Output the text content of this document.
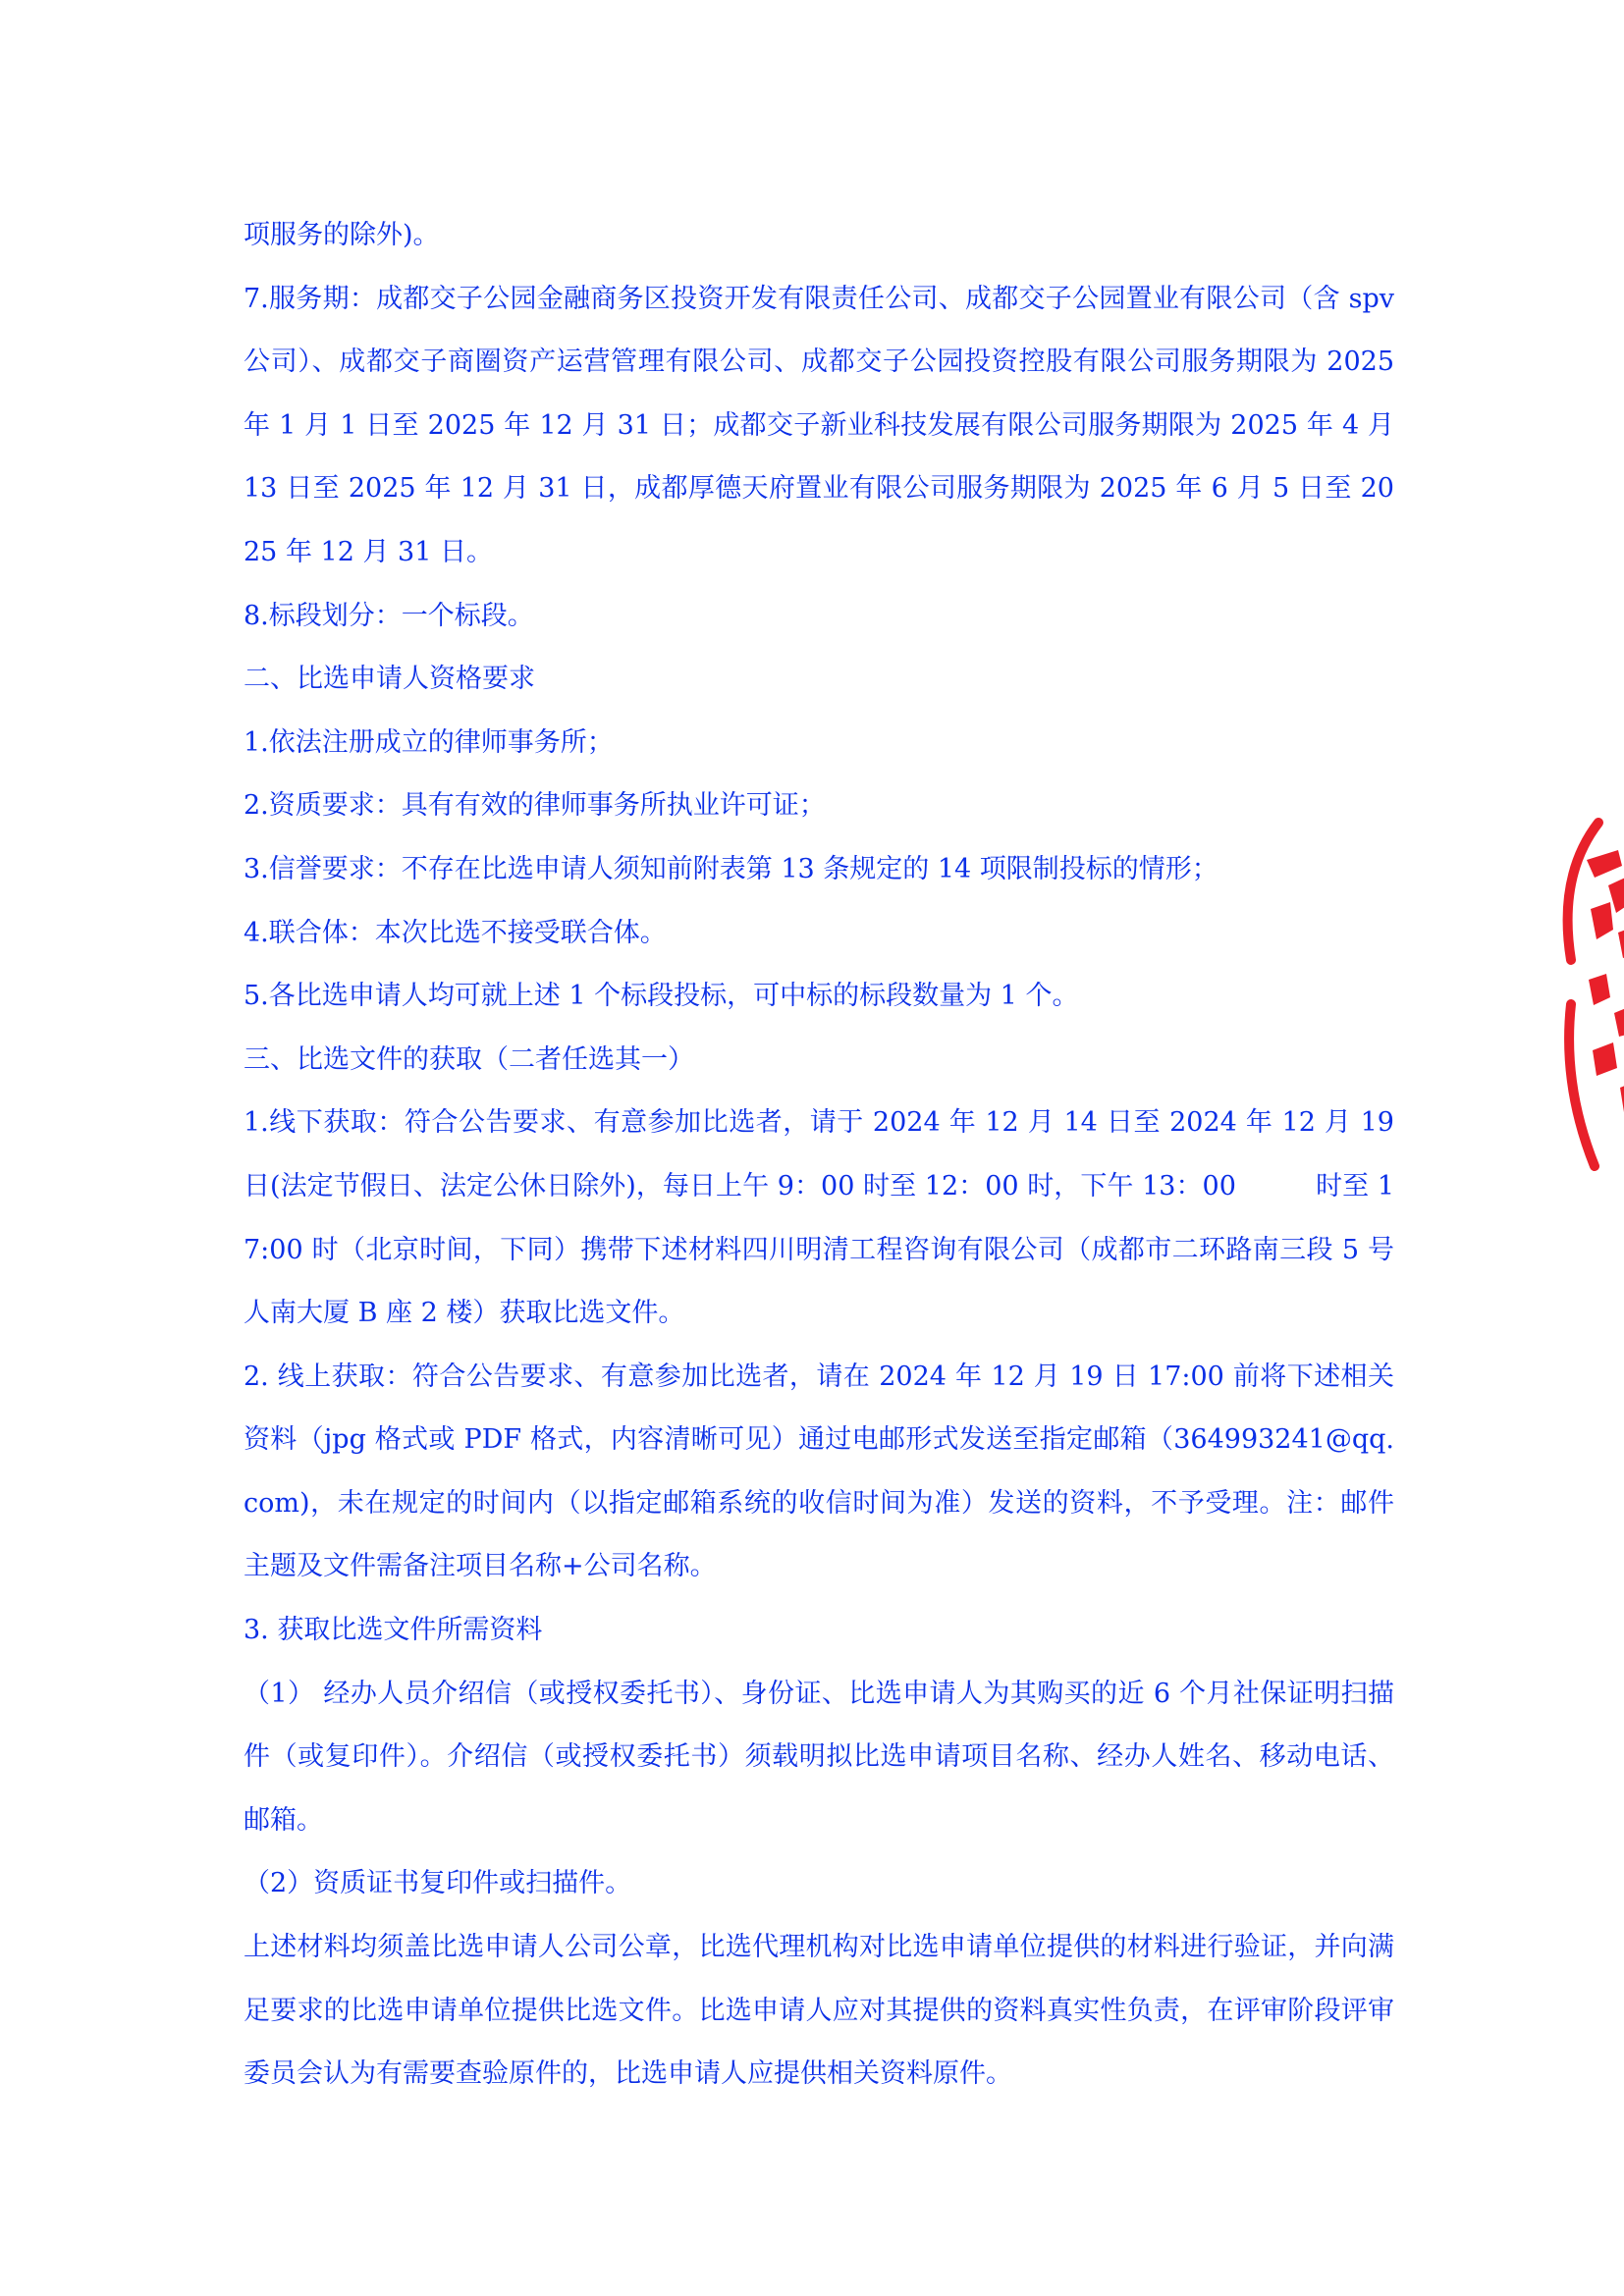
项服务的除外)。

7.服务期：成都交子公园金融商务区投资开发有限责任公司、成都交子公园置业有限公司（含 spv 公司）、成都交子商圈资产运营管理有限公司、成都交子公园投资控股有限公司服务期限为 2025 年 1 月 1 日至 2025 年 12 月 31 日；成都交子新业科技发展有限公司服务期限为 2025 年 4 月 13 日至 2025 年 12 月 31 日，成都厚德天府置业有限公司服务期限为 2025 年 6 月 5 日至 2025 年 12 月 31 日。

8.标段划分：一个标段。

二、比选申请人资格要求

1.依法注册成立的律师事务所；

2.资质要求：具有有效的律师事务所执业许可证；

3.信誉要求：不存在比选申请人须知前附表第 13 条规定的 14 项限制投标的情形；

4.联合体：本次比选不接受联合体。

5.各比选申请人均可就上述 1 个标段投标，可中标的标段数量为 1 个。

三、比选文件的获取（二者任选其一）

1.线下获取：符合公告要求、有意参加比选者，请于 2024 年 12 月 14 日至 2024 年 12 月 19 日(法定节假日、法定公休日除外)，每日上午 9：00 时至 12：00 时，下午 13：00　　　时至 17:00 时（北京时间，下同）携带下述材料四川明清工程咨询有限公司（成都市二环路南三段 5 号人南大厦 B 座 2 楼）获取比选文件。

2. 线上获取：符合公告要求、有意参加比选者，请在 2024 年 12 月 19 日 17:00 前将下述相关资料（jpg 格式或 PDF 格式，内容清晰可见）通过电邮形式发送至指定邮箱（364993241@qq.com)，未在规定的时间内（以指定邮箱系统的收信时间为准）发送的资料，不予受理。注：邮件主题及文件需备注项目名称+公司名称。

3. 获取比选文件所需资料

（1） 经办人员介绍信（或授权委托书）、身份证、比选申请人为其购买的近 6 个月社保证明扫描件（或复印件）。介绍信（或授权委托书）须载明拟比选申请项目名称、经办人姓名、移动电话、邮箱。

（2）资质证书复印件或扫描件。

上述材料均须盖比选申请人公司公章，比选代理机构对比选申请单位提供的材料进行验证，并向满足要求的比选申请单位提供比选文件。比选申请人应对其提供的资料真实性负责，在评审阶段评审委员会认为有需要查验原件的，比选申请人应提供相关资料原件。
